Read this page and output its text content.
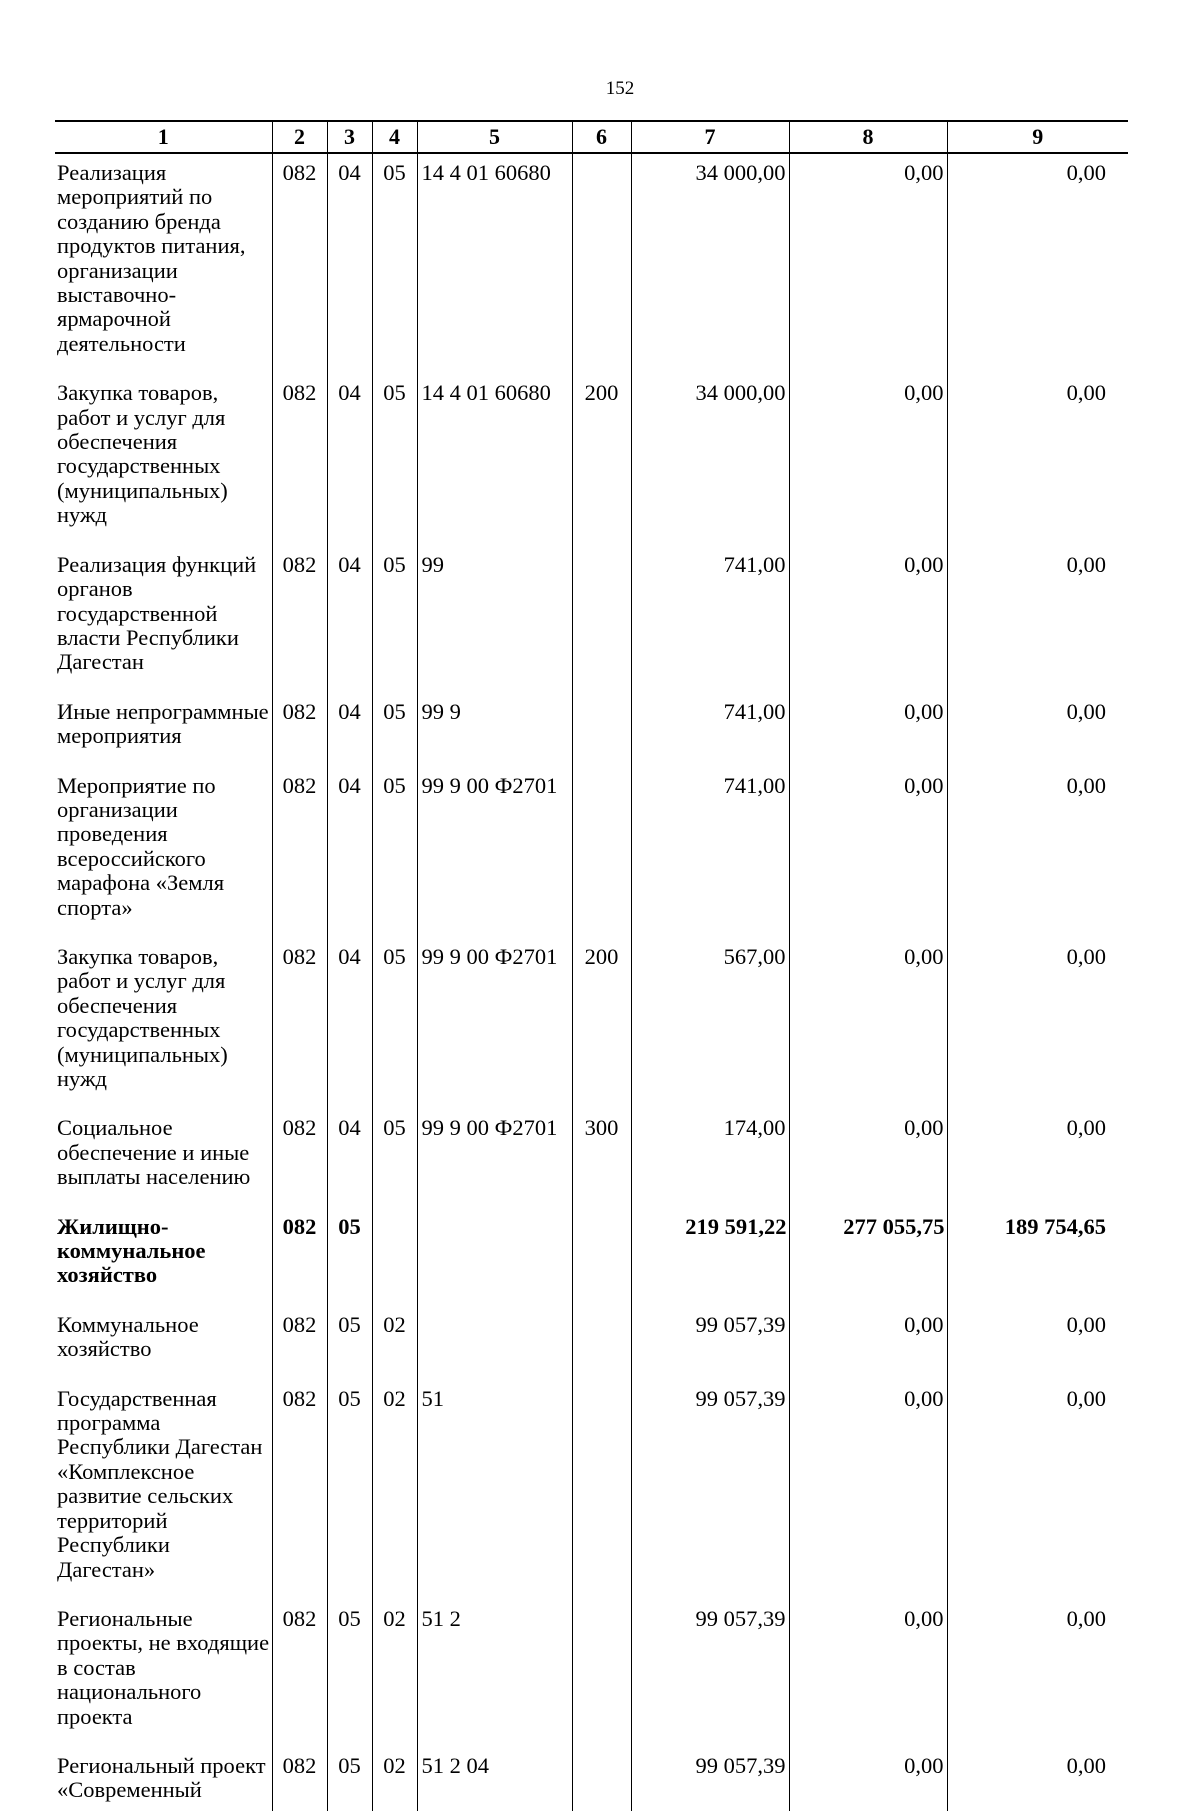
152
1	2	3	4	5	6	7	8	9
Реализация мероприятий по созданию бренда продуктов питания, организации выставочно-ярмарочной деятельности	082	04	05	14 4 01 60680		34 000,00	0,00	0,00
Закупка товаров, работ и услуг для обеспечения государственных (муниципальных) нужд	082	04	05	14 4 01 60680	200	34 000,00	0,00	0,00
Реализация функций органов государственной власти Республики Дагестан	082	04	05	99		741,00	0,00	0,00
Иные непрограммные мероприятия	082	04	05	99 9		741,00	0,00	0,00
Мероприятие по организации проведения всероссийского марафона «Земля спорта»	082	04	05	99 9 00 Ф2701		741,00	0,00	0,00
Закупка товаров, работ и услуг для обеспечения государственных (муниципальных) нужд	082	04	05	99 9 00 Ф2701	200	567,00	0,00	0,00
Социальное обеспечение и иные выплаты населению	082	04	05	99 9 00 Ф2701	300	174,00	0,00	0,00
Жилищно-коммунальное хозяйство	082	05				219 591,22	277 055,75	189 754,65
Коммунальное хозяйство	082	05	02			99 057,39	0,00	0,00
Государственная программа Республики Дагестан «Комплексное развитие сельских территорий Республики Дагестан»	082	05	02	51		99 057,39	0,00	0,00
Региональные проекты, не входящие в состав национального проекта	082	05	02	51 2		99 057,39	0,00	0,00
Региональный проект «Современный	082	05	02	51 2 04		99 057,39	0,00	0,00
